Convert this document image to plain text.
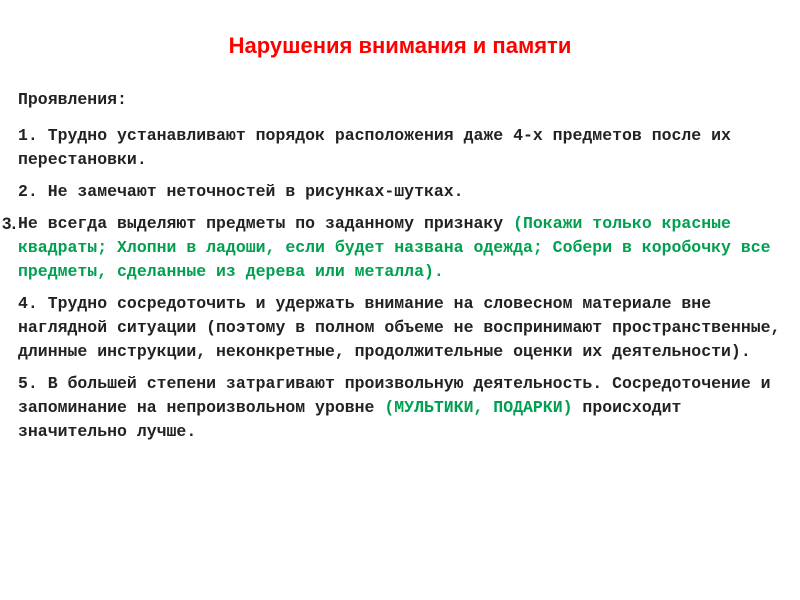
Нарушения внимания и памяти

Проявления:

1. Трудно устанавливают порядок расположения даже 4-х предметов после их перестановки.

2. Не замечают неточностей в рисунках-шутках.

3. Не всегда выделяют предметы по заданному признаку (Покажи только красные квадраты; Хлопни в ладоши, если будет названа одежда; Собери в коробочку все предметы, сделанные из дерева или металла).

4. Трудно сосредоточить и удержать внимание на словесном материале вне наглядной ситуации (поэтому в полном объеме не воспринимают пространственные, длинные инструкции, неконкретные, продолжительные оценки их деятельности).

5. В большей степени затрагивают произвольную деятельность. Сосредоточение и запоминание на непроизвольном уровне (МУЛЬТИКИ, ПОДАРКИ) происходит значительно лучше.
